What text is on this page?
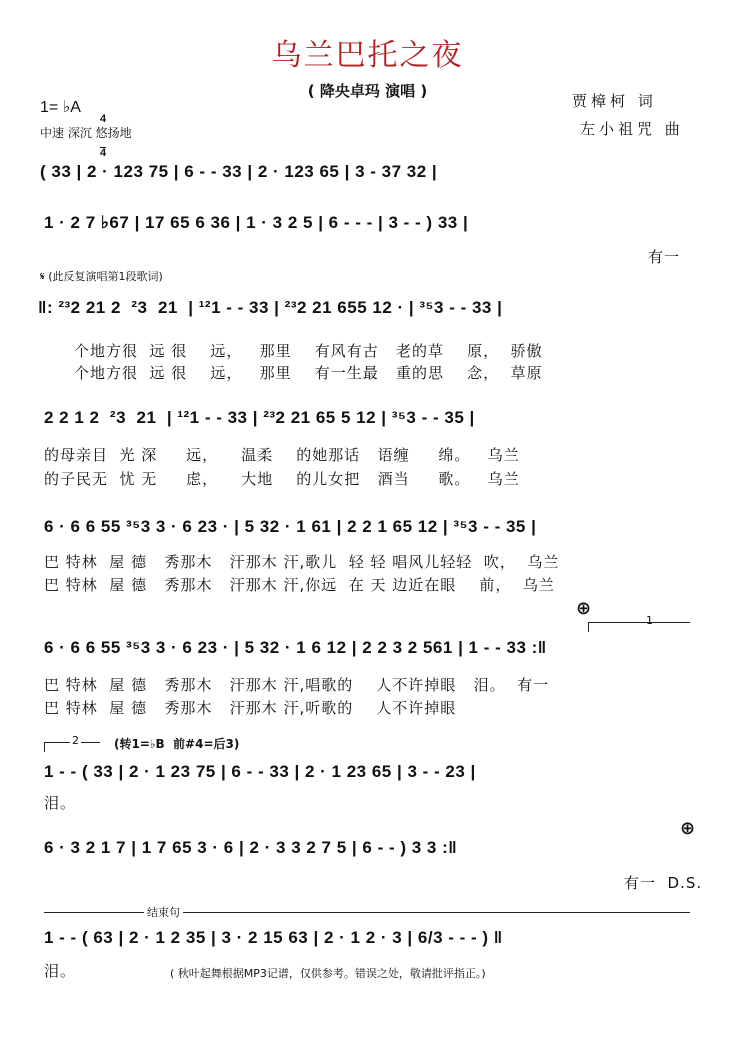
乌兰巴托之夜
( 降央卓玛 演唱 )
1= ♭A

4

4

中速 深沉 悠扬地
贾樟柯 词
左小祖咒 曲
( 33 | 2 · 123 75 | 6 - - 33 | 2 · 123 65 | 3 - 37 32 |
1 · 2 7 ♭67 | 17 65 6 36 | 1 · 3 2 5 | 6 - - - | 3 - - ) 33 |
有一
𝄋 (此反复演唱第1段歌词)
‖: ²³2 21 2  ²3  21  | ¹²1 - - 33 | ²³2 21 655 12 · | ³⁵3 - - 33 |
个地方很  远 很    远，   那里    有风有古   老的草    原，  骄傲
个地方很  远 很    远，   那里    有一生最   重的思    念，  草原
2 2 1 2  ²3  21  | ¹²1 - - 33 | ²³2 21 65 5 12 | ³⁵3 - - 35 |
的母亲目  光 深     远，    温柔    的她那话   语缠     绵。   乌兰
的子民无  忧 无     虑，    大地    的儿女把   酒当     歌。   乌兰
6 · 6 6 55 ³⁵3 3 · 6 23 · | 5 32 · 1 61 | 2 2 1 65 12 | ³⁵3 - - 35 |
巴 特林  屋 德   秀那木   汗那木 汗,歌儿  轻 轻 唱风儿轻轻  吹，  乌兰
巴 特林  屋 德   秀那木   汗那木 汗,你远  在 天 边近在眼    前，  乌兰
⊕
1
6 · 6 6 55 ³⁵3 3 · 6 23 · | 5 32 · 1 6 12 | 2 2 3 2 561 | 1 - - 33 :‖
巴 特林  屋 德   秀那木   汗那木 汗,唱歌的    人不许掉眼   泪。  有一
巴 特林  屋 德   秀那木   汗那木 汗,听歌的    人不许掉眼
2	(转1=♭B  前#4=后3)
1 - - ( 33 | 2 · 1 23 75 | 6 - - 33 | 2 · 1 23 65 | 3 - - 23 |
泪。
⊕
6 · 3 2 1 7 | 1 7 65 3 · 6 | 2 · 3 3 2 7 5 | 6 - - ) 3 3 :‖
有一  D.S.
结束句
1 - - ( 63 | 2 · 1 2 35 | 3 · 2 15 63 | 2 · 1 2 · 3 | 6/3 - - - ) ‖
泪。	( 秋叶起舞根据MP3记谱，仅供参考。错误之处，敬请批评指正。)
